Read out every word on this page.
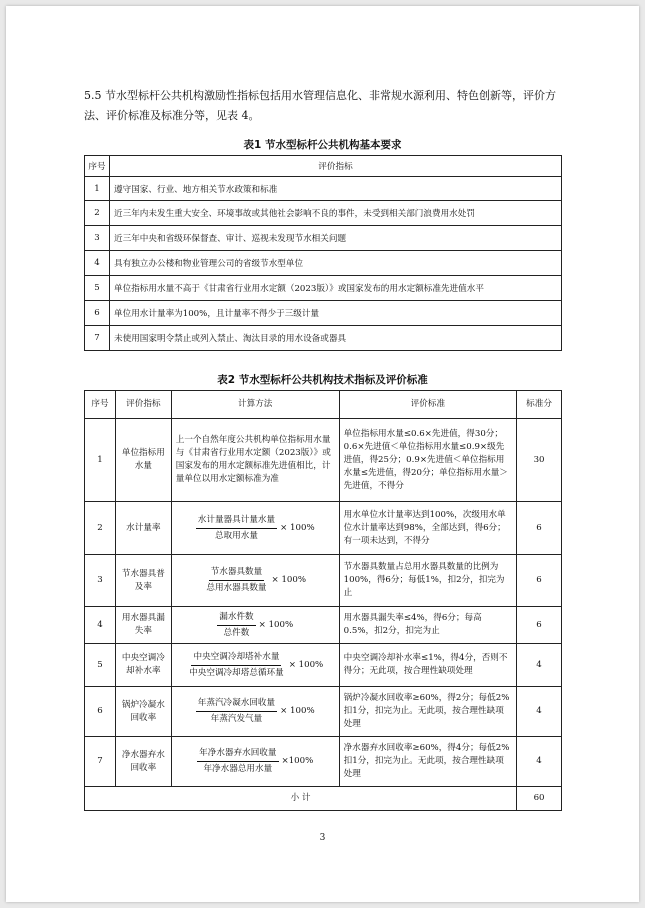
5.5 节水型标杆公共机构激励性指标包括用水管理信息化、非常规水源利用、特色创新等，评价方法、评价标准及标准分等，见表 4。

表1 节水型标杆公共机构基本要求
序号	评价指标
1	遵守国家、行业、地方相关节水政策和标准
2	近三年内未发生重大安全、环境事故或其他社会影响不良的事件，未受到相关部门浪费用水处罚
3	近三年中央和省级环保督查、审计、巡视未发现节水相关问题
4	具有独立办公楼和物业管理公司的省级节水型单位
5	单位指标用水量不高于《甘肃省行业用水定额（2023版）》或国家发布的用水定额标准先进值水平
6	单位用水计量率为100%，且计量率不得少于三级计量
7	未使用国家明令禁止或列入禁止、淘汰目录的用水设备或器具
表2 节水型标杆公共机构技术指标及评价标准
序号	评价指标	计算方法	评价标准	标准分
1	单位指标用水量	上一个自然年度公共机构单位指标用水量与《甘肃省行业用水定额（2023版）》或国家发布的用水定额标准先进值相比，计量单位以用水定额标准为准	单位指标用水量≤0.6×先进值，得30分；0.6×先进值＜单位指标用水量≤0.9×级先进值，得25分；0.9×先进值＜单位指标用水量≤先进值，得20分；单位指标用水量＞先进值，不得分	30
2	水计量率	$\frac{\text{水计量器具计量水量}}{\text{总取用水量}} \times 100\%$	用水单位水计量率达到100%，次级用水单位水计量率达到98%，全部达到，得6分；有一项未达到，不得分	6
3	节水器具普及率	$\frac{\text{节水器具数量}}{\text{总用水器具数量}} \times 100\%$	节水器具数量占总用水器具数量的比例为100%，得6分；每低1%，扣2分，扣完为止	6
4	用水器具漏失率	$\frac{\text{漏水件数}}{\text{总件数}} \times 100\%$	用水器具漏失率≤4%，得6分；每高0.5%，扣2分，扣完为止	6
5	中央空调冷却补水率	$\frac{\text{中央空调冷却塔补水量}}{\text{中央空调冷却塔总循环量}} \times 100\%$	中央空调冷却补水率≤1%，得4分，否则不得分；无此项，按合理性缺项处理	4
6	锅炉冷凝水回收率	$\frac{\text{年蒸汽冷凝水回收量}}{\text{年蒸汽发气量}} \times 100\%$	锅炉冷凝水回收率≥60%，得2分；每低2%扣1分，扣完为止。无此项，按合理性缺项处理	4
7	净水器弃水回收率	$\frac{\text{年净水器弃水回收量}}{\text{年净水器总用水量}} \times 100\%$	净水器弃水回收率≥60%，得4分；每低2%扣1分，扣完为止。无此项，按合理性缺项处理	4
小 计				60
3
